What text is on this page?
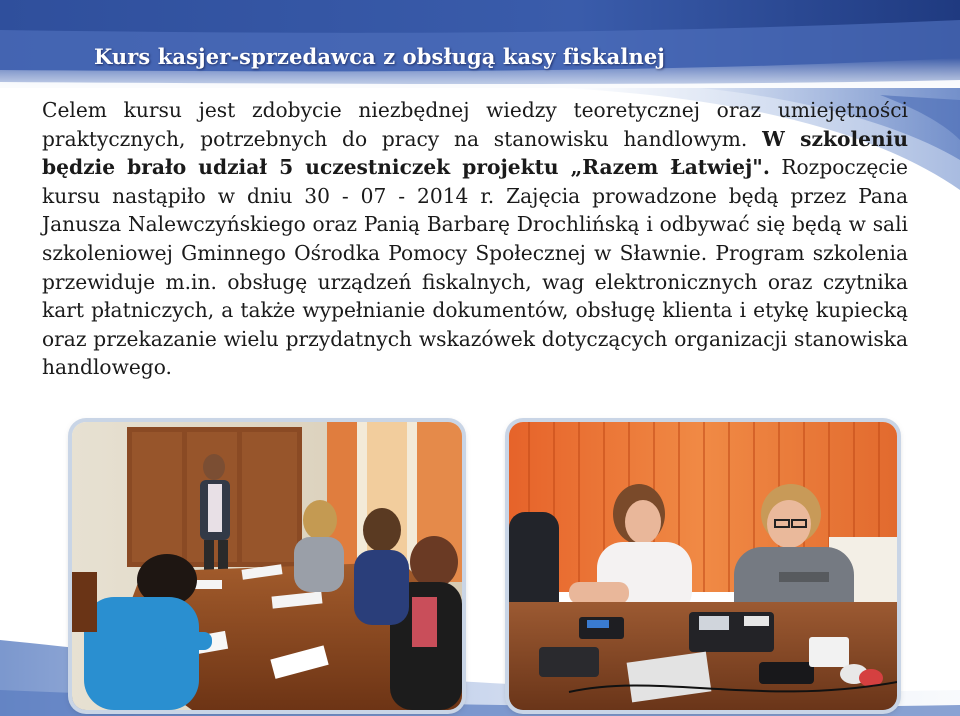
Kurs kasjer-sprzedawca z obsługą kasy fiskalnej

Celem kursu jest zdobycie niezbędnej wiedzy teoretycznej oraz umiejętności praktycznych, potrzebnych do pracy na stanowisku handlowym. W szkoleniu będzie brało udział 5 uczestniczek projektu „Razem Łatwiej". Rozpoczęcie kursu nastąpiło w dniu 30 - 07 - 2014 r. Zajęcia prowadzone będą przez Pana Janusza Nalewczyńskiego oraz Panią Barbarę Drochlińską i odbywać się będą w sali szkoleniowej Gminnego Ośrodka Pomocy Społecznej w Sławnie. Program szkolenia przewiduje m.in. obsługę urządzeń fiskalnych, wag elektronicznych oraz czytnika kart płatniczych, a także wypełnianie dokumentów, obsługę klienta i etykę kupiecką oraz przekazanie wielu przydatnych wskazówek dotyczących organizacji stanowiska handlowego.
